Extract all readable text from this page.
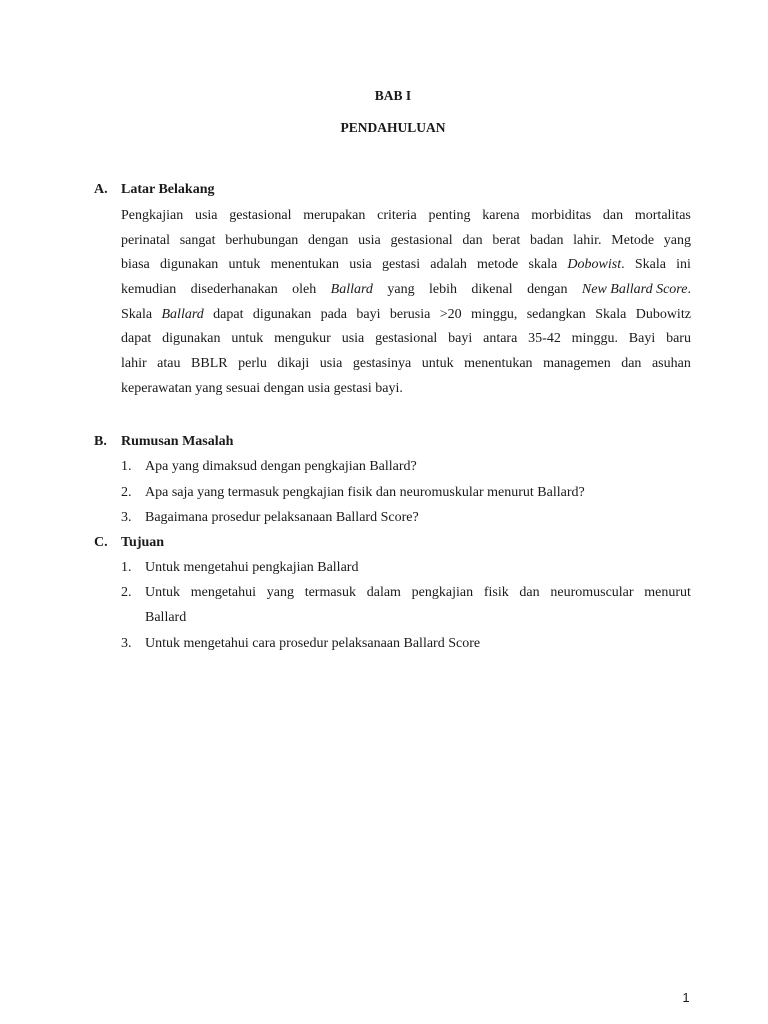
BAB I
PENDAHULUAN
A. Latar Belakang
Pengkajian usia gestasional merupakan criteria penting karena morbiditas dan mortalitas
perinatal sangat berhubungan dengan usia gestasional dan berat badan lahir. Metode yang
biasa digunakan untuk menentukan usia gestasi adalah metode skala Dobowist. Skala ini
kemudian disederhanakan oleh Ballard yang lebih dikenal dengan New Ballard Score.
Skala Ballard dapat digunakan pada bayi berusia >20 minggu, sedangkan Skala Dubowitz
dapat digunakan untuk mengukur usia gestasional bayi antara 35-42 minggu. Bayi baru
lahir atau BBLR perlu dikaji usia gestasinya untuk menentukan managemen dan asuhan
keperawatan yang sesuai dengan usia gestasi bayi.
B. Rumusan Masalah
1. Apa yang dimaksud dengan pengkajian Ballard?
2. Apa saja yang termasuk pengkajian fisik dan neuromuskular menurut Ballard?
3. Bagaimana prosedur pelaksanaan Ballard Score?
C. Tujuan
1. Untuk mengetahui pengkajian Ballard
2. Untuk mengetahui yang termasuk dalam pengkajian fisik dan neuromuscular menurut
Ballard
3. Untuk mengetahui cara prosedur pelaksanaan Ballard Score
1
